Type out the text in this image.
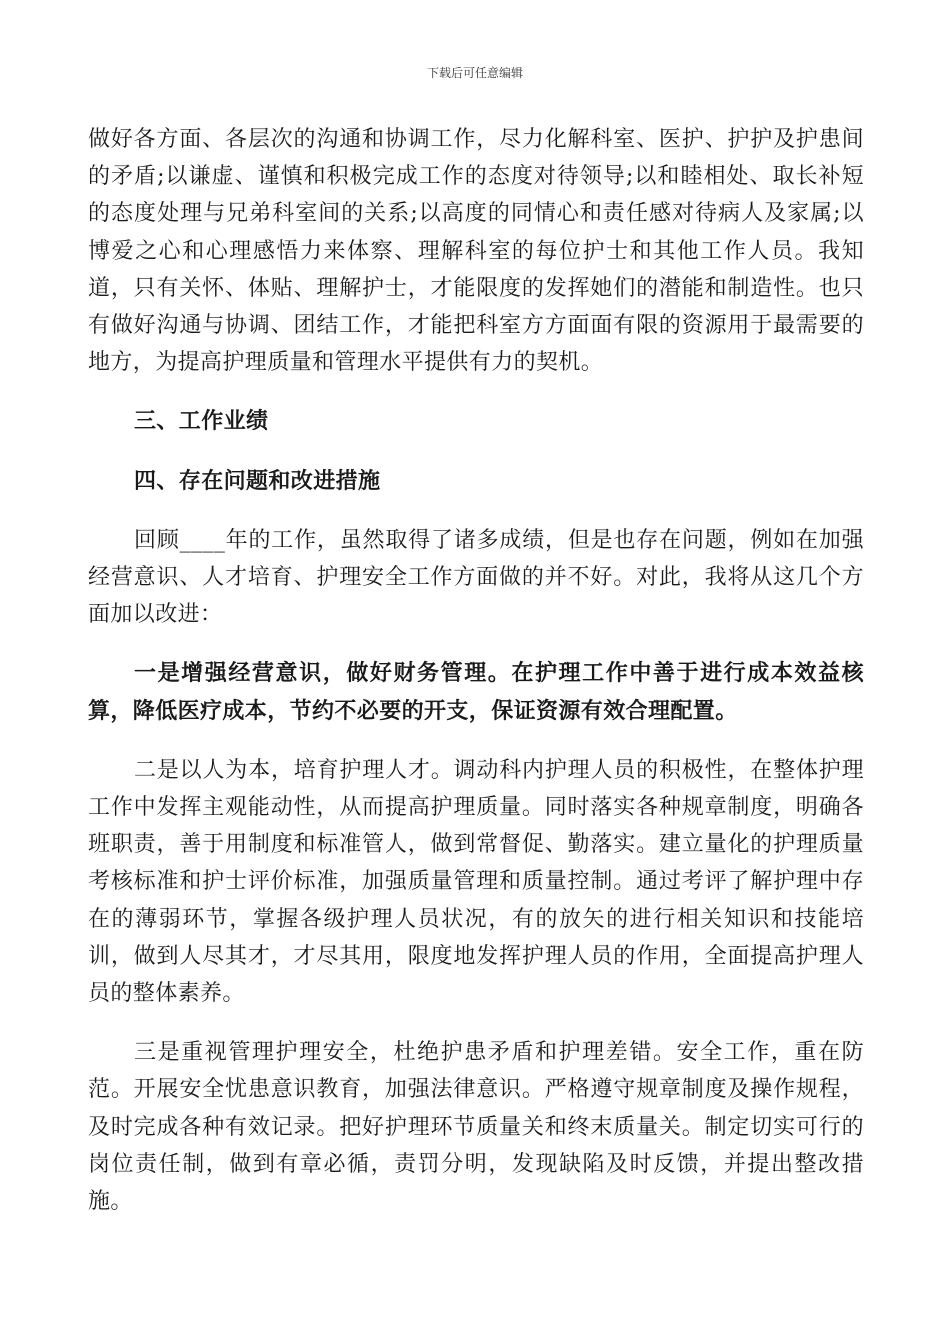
下载后可任意编辑

做好各方面、各层次的沟通和协调工作，尽力化解科室、医护、护护及护患间的矛盾;以谦虚、谨慎和积极完成工作的态度对待领导;以和睦相处、取长补短的态度处理与兄弟科室间的关系;以高度的同情心和责任感对待病人及家属;以博爱之心和心理感悟力来体察、理解科室的每位护士和其他工作人员。我知道，只有关怀、体贴、理解护士，才能限度的发挥她们的潜能和制造性。也只有做好沟通与协调、团结工作，才能把科室方方面面有限的资源用于最需要的地方，为提高护理质量和管理水平提供有力的契机。

三、工作业绩

四、存在问题和改进措施

回顾____年的工作，虽然取得了诸多成绩，但是也存在问题，例如在加强经营意识、人才培育、护理安全工作方面做的并不好。对此，我将从这几个方面加以改进：

一是增强经营意识，做好财务管理。在护理工作中善于进行成本效益核算，降低医疗成本，节约不必要的开支，保证资源有效合理配置。

二是以人为本，培育护理人才。调动科内护理人员的积极性，在整体护理工作中发挥主观能动性，从而提高护理质量。同时落实各种规章制度，明确各班职责，善于用制度和标准管人，做到常督促、勤落实。建立量化的护理质量考核标准和护士评价标准，加强质量管理和质量控制。通过考评了解护理中存在的薄弱环节，掌握各级护理人员状况，有的放矢的进行相关知识和技能培训，做到人尽其才，才尽其用，限度地发挥护理人员的作用，全面提高护理人员的整体素养。

三是重视管理护理安全，杜绝护患矛盾和护理差错。安全工作，重在防范。开展安全忧患意识教育，加强法律意识。严格遵守规章制度及操作规程，及时完成各种有效记录。把好护理环节质量关和终末质量关。制定切实可行的岗位责任制，做到有章必循，责罚分明，发现缺陷及时反馈，并提出整改措施。
